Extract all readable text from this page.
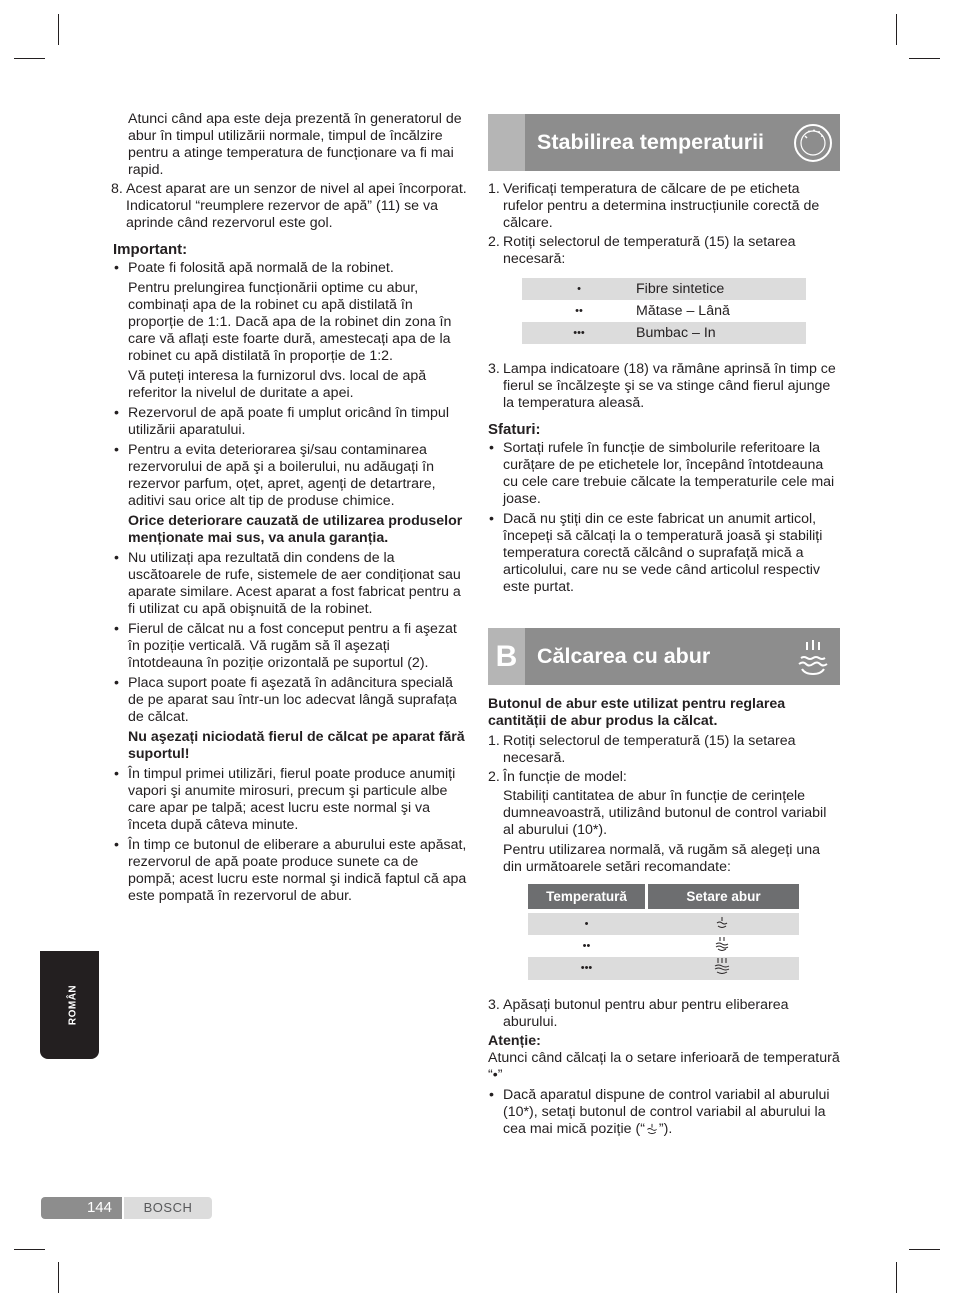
Atunci când apa este deja prezentă în generatorul de abur în timpul utilizării normale, timpul de încălzire pentru a atinge temperatura de funcționare va fi mai rapid.

8. Acest aparat are un senzor de nivel al apei încorporat. Indicatorul “reumplere rezervor de apă” (11) se va aprinde când rezervorul este gol.
Important:
• Poate fi folosită apă normală de la robinet.

Pentru prelungirea funcționării optime cu abur, combinați apa de la robinet cu apă distilată în proporție de 1:1. Dacă apa de la robinet din zona în care vă aflați este foarte dură, amestecați apa de la robinet cu apă distilată în proporție de 1:2.

Vă puteți interesa la furnizorul dvs. local de apă referitor la nivelul de duritate a apei.

• Rezervorul de apă poate fi umplut oricând în timpul utilizării aparatului.
• Pentru a evita deteriorarea şi/sau contaminarea rezervorului de apă şi a boilerului, nu adăugați în rezervor parfum, oțet, apret, agenți de detartrare, aditivi sau orice alt tip de produse chimice.

Orice deteriorare cauzată de utilizarea produselor menționate mai sus, va anula garanția.

• Nu utilizați apa rezultată din condens de la uscătoarele de rufe, sistemele de aer condiționat sau aparate similare. Acest aparat a fost fabricat pentru a fi utilizat cu apă obişnuită de la robinet.
• Fierul de călcat nu a fost conceput pentru a fi aşezat în poziție verticală. Vă rugăm să îl aşezați întotdeauna în poziție orizontală pe suportul (2).
• Placa suport poate fi aşezată în adâncitura specială de pe aparat sau într-un loc adecvat lângă suprafața de călcat.

Nu aşezați niciodată fierul de călcat pe aparat fără suportul!

• În timpul primei utilizări, fierul poate produce anumiți vapori şi anumite mirosuri, precum şi particule albe care apar pe talpă; acest lucru este normal şi va înceta după câteva minute.
• În timp ce butonul de eliberare a aburului este apăsat, rezervorul de apă poate produce sunete ca de pompă; acest lucru este normal şi indică faptul că apa este pompată în rezervorul de abur.
Stabilirea temperaturii
1. Verificați temperatura de călcare de pe eticheta rufelor pentru a determina instrucțiunile corectă de călcare.
2. Rotiți selectorul de temperatură (15) la setarea necesară:
•	Fibre sintetice
••	Mătase – Lână
•••	Bumbac – In
3. Lampa indicatoare (18) va rămâne aprinsă în timp ce fierul se încălzeşte şi se va stinge când fierul ajunge la temperatura aleasă.
Sfaturi:
• Sortați rufele în funcție de simbolurile referitoare la curățare de pe etichetele lor, începând întotdeauna cu cele care trebuie călcate la temperaturile cele mai joase.
• Dacă nu ştiți din ce este fabricat un anumit articol, începeți să călcați la o temperatură joasă şi stabiliți temperatura corectă călcând o suprafață mică a articolului, care nu se vede când articolul respectiv este purtat.
B Călcarea cu abur

Butonul de abur este utilizat pentru reglarea cantității de abur produs la călcat.

1. Rotiți selectorul de temperatură (15) la setarea necesară.
2. În funcție de model:

Stabiliți cantitatea de abur în funcție de cerințele dumneavoastră, utilizând butonul de control variabil al aburului (10*).

Pentru utilizarea normală, vă rugăm să alegeți una din următoarele setări recomandate:

Temperatură	Setare abur

•	
••	
•••	
3. Apăsați butonul pentru abur pentru eliberarea aburului.

Atenție:

Atunci când călcați la o setare inferioară de temperatură “•”

• Dacă aparatul dispune de control variabil al aburului (10*), setați butonul de control variabil al aburului la cea mai mică poziție (“ ”).
ROMÂN
144	BOSCH
